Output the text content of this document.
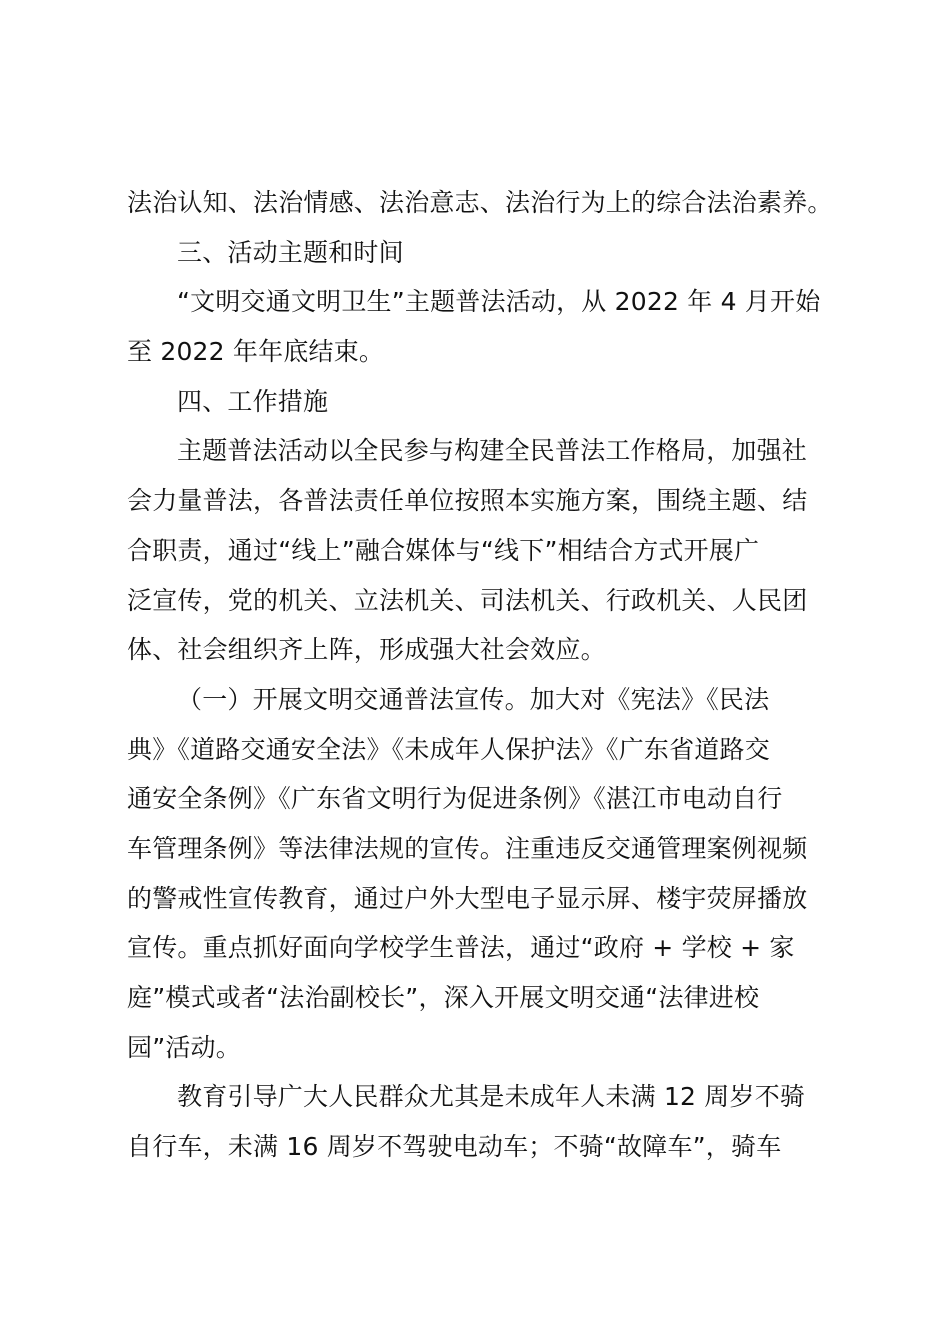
法治认知、法治情感、法治意志、法治行为上的综合法治素养。
三、活动主题和时间
“文明交通文明卫生”主题普法活动，从 2022 年 4 月开始
至 2022 年年底结束。
四、工作措施
主题普法活动以全民参与构建全民普法工作格局，加强社
会力量普法，各普法责任单位按照本实施方案，围绕主题、结
合职责，通过“线上”融合媒体与“线下”相结合方式开展广
泛宣传，党的机关、立法机关、司法机关、行政机关、人民团
体、社会组织齐上阵，形成强大社会效应。
（一）开展文明交通普法宣传。加大对《宪法》《民法
典》《道路交通安全法》《未成年人保护法》《广东省道路交
通安全条例》《广东省文明行为促进条例》《湛江市电动自行
车管理条例》等法律法规的宣传。注重违反交通管理案例视频
的警戒性宣传教育，通过户外大型电子显示屏、楼宇荧屏播放
宣传。重点抓好面向学校学生普法，通过“政府 + 学校 + 家
庭”模式或者“法治副校长”，深入开展文明交通“法律进校
园”活动。
教育引导广大人民群众尤其是未成年人未满 12 周岁不骑
自行车，未满 16 周岁不驾驶电动车；不骑“故障车”，骑车
